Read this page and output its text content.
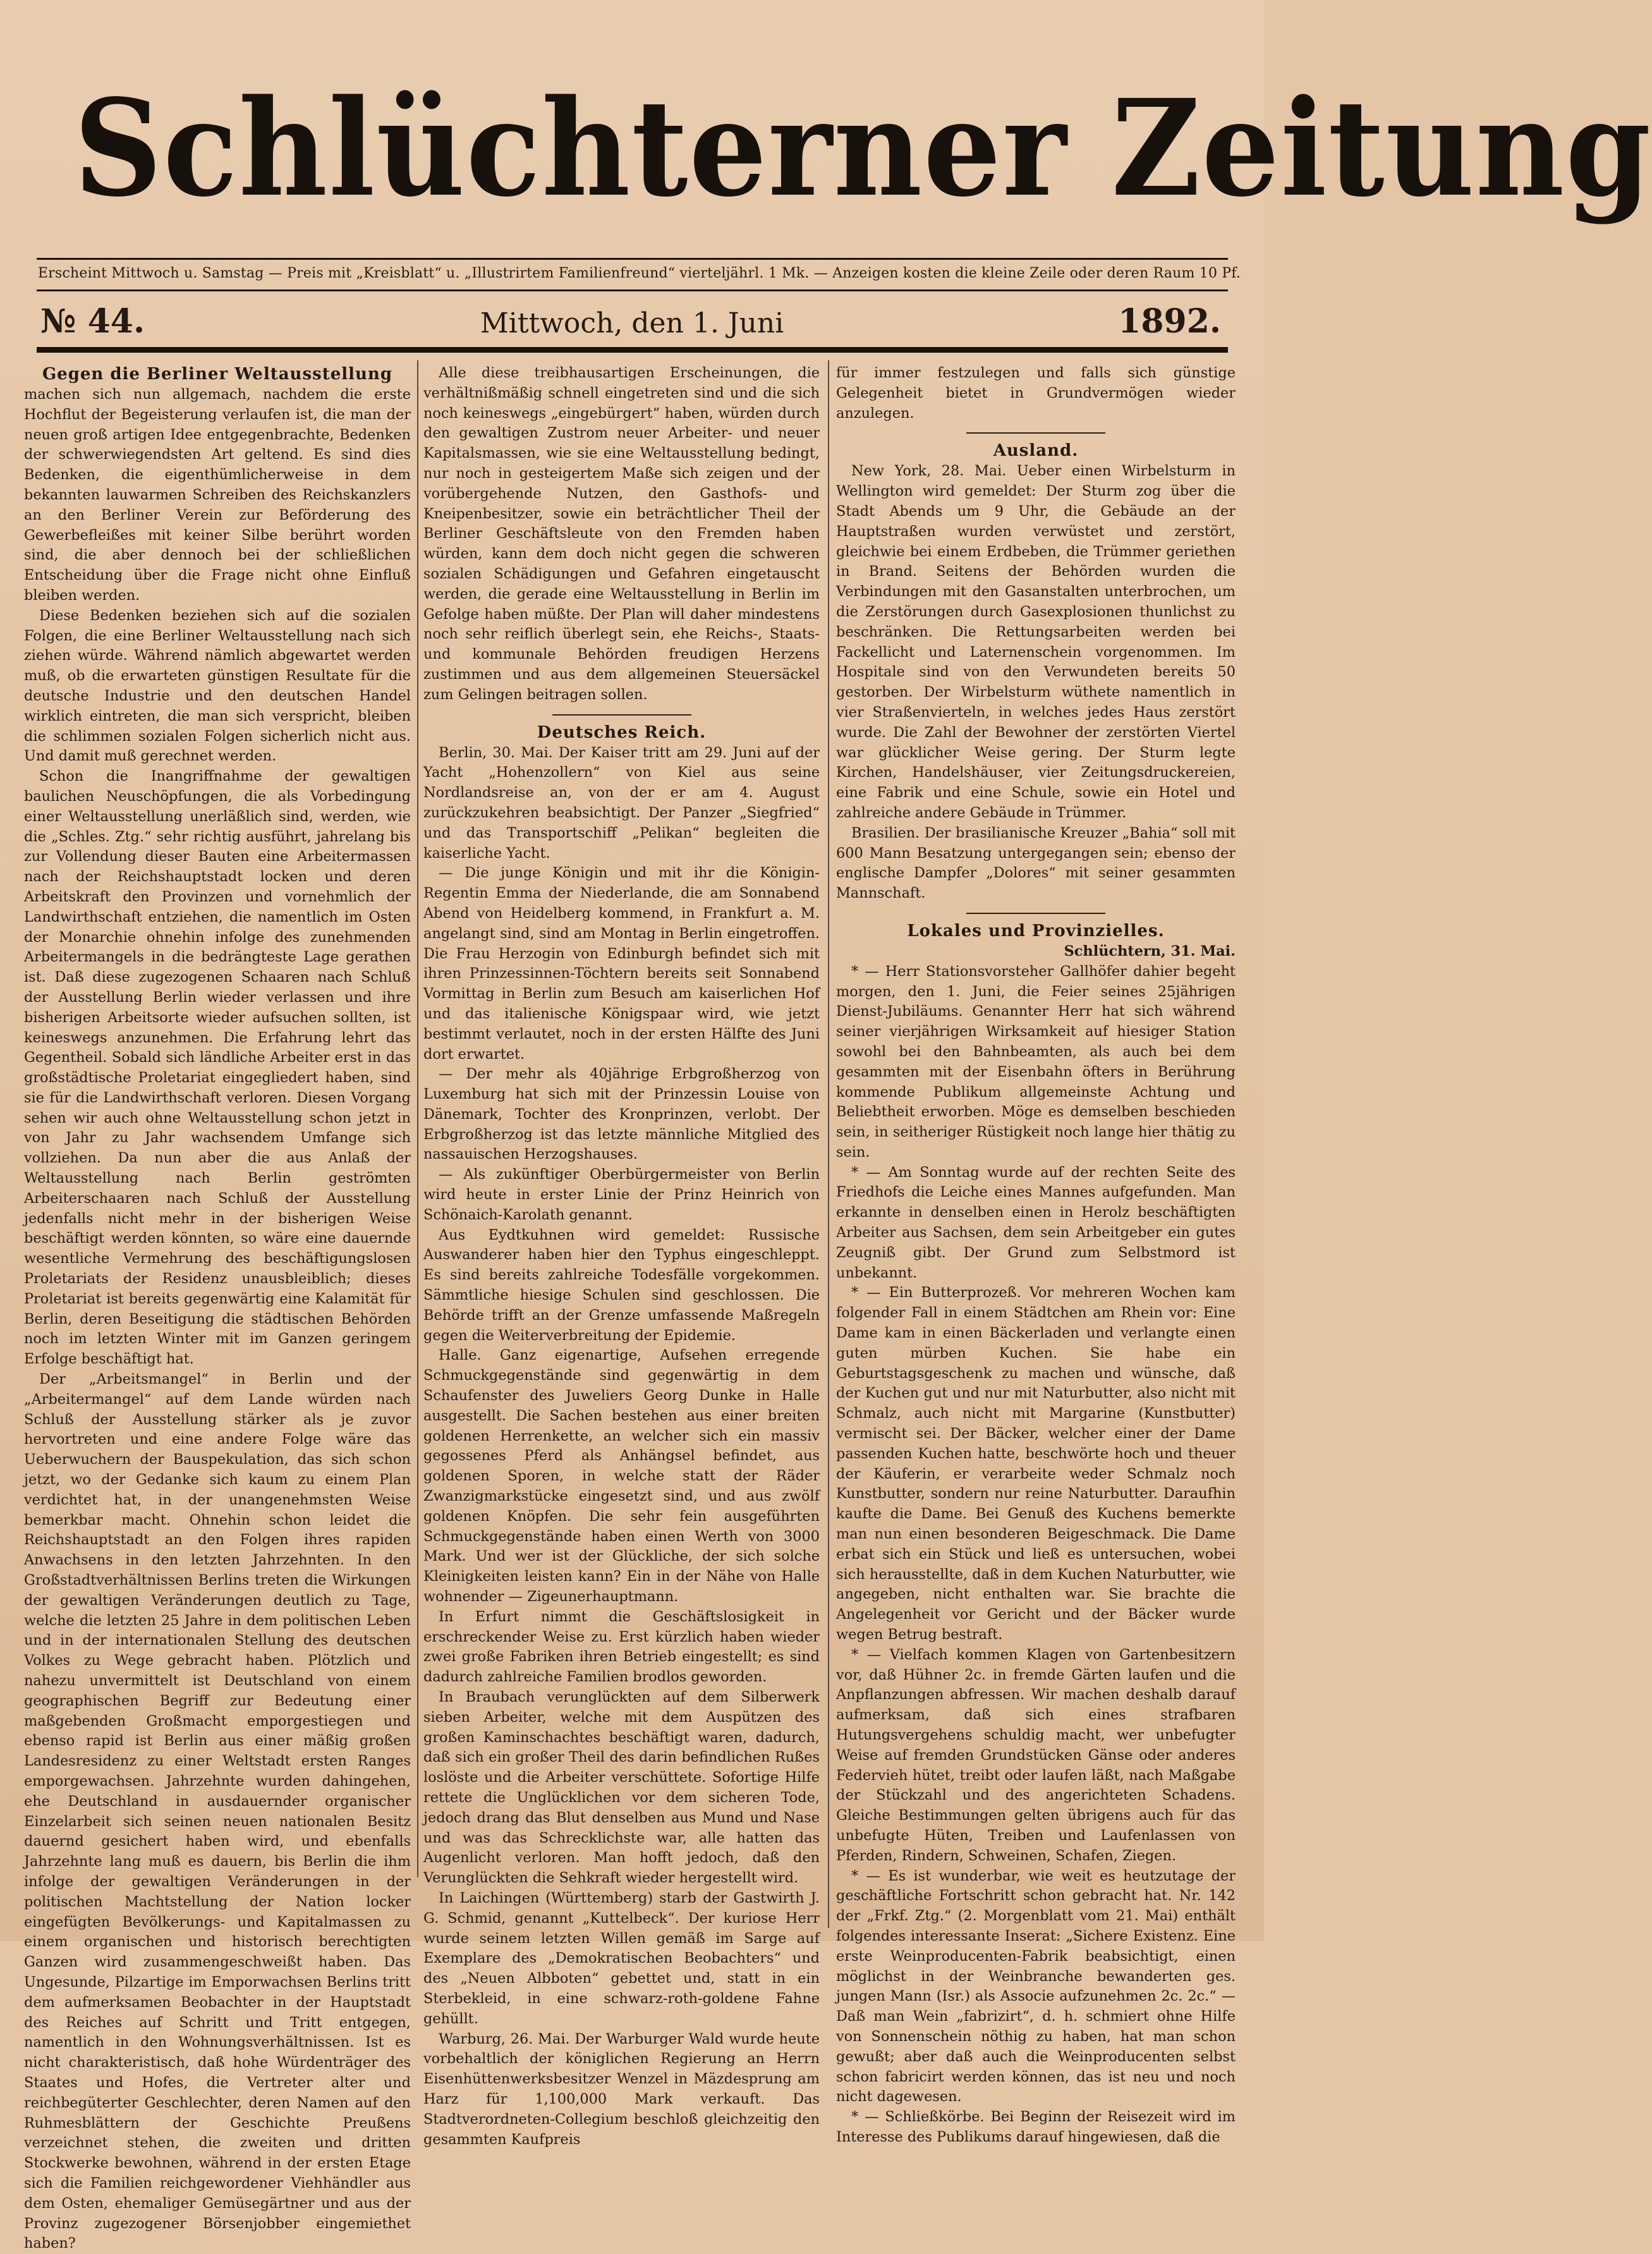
Schlüchterner Zeitung
Erscheint Mittwoch u. Samstag — Preis mit „Kreisblatt“ u. „Illustrirtem Familienfreund“ vierteljährl. 1 Mk. — Anzeigen kosten die kleine Zeile oder deren Raum 10 Pf.
№ 44.	Mittwoch, den 1. Juni	1892.
Gegen die Berliner Weltausstellung

machen sich nun allgemach, nachdem die erste Hochflut der Begeisterung verlaufen ist, die man der neuen groß artigen Idee entgegenbrachte, Bedenken der schwerwiegendsten Art geltend. Es sind dies Bedenken, die eigenthümlicherweise in dem bekannten lauwarmen Schreiben des Reichskanzlers an den Berliner Verein zur Beförderung des Gewerbefleißes mit keiner Silbe berührt worden sind, die aber dennoch bei der schließlichen Entscheidung über die Frage nicht ohne Einfluß bleiben werden.

Diese Bedenken beziehen sich auf die sozialen Folgen, die eine Berliner Weltausstellung nach sich ziehen würde. Während nämlich abgewartet werden muß, ob die erwarteten günstigen Resultate für die deutsche Industrie und den deutschen Handel wirklich eintreten, die man sich verspricht, bleiben die schlimmen sozialen Folgen sicherlich nicht aus. Und damit muß gerechnet werden.

Schon die Inangriffnahme der gewaltigen baulichen Neuschöpfungen, die als Vorbedingung einer Weltausstellung unerläßlich sind, werden, wie die „Schles. Ztg.“ sehr richtig ausführt, jahrelang bis zur Vollendung dieser Bauten eine Arbeitermassen nach der Reichshauptstadt locken und deren Arbeitskraft den Provinzen und vornehmlich der Landwirthschaft entziehen, die namentlich im Osten der Monarchie ohnehin infolge des zunehmenden Arbeitermangels in die bedrängteste Lage gerathen ist. Daß diese zugezogenen Schaaren nach Schluß der Ausstellung Berlin wieder verlassen und ihre bisherigen Arbeitsorte wieder aufsuchen sollten, ist keineswegs anzunehmen. Die Erfahrung lehrt das Gegentheil. Sobald sich ländliche Arbeiter erst in das großstädtische Proletariat eingegliedert haben, sind sie für die Landwirthschaft verloren. Diesen Vorgang sehen wir auch ohne Weltausstellung schon jetzt in von Jahr zu Jahr wachsendem Umfange sich vollziehen. Da nun aber die aus Anlaß der Weltausstellung nach Berlin geströmten Arbeiterschaaren nach Schluß der Ausstellung jedenfalls nicht mehr in der bisherigen Weise beschäftigt werden könnten, so wäre eine dauernde wesentliche Vermehrung des beschäftigungslosen Proletariats der Residenz unausbleiblich; dieses Proletariat ist bereits gegenwärtig eine Kalamität für Berlin, deren Beseitigung die städtischen Behörden noch im letzten Winter mit im Ganzen geringem Erfolge beschäftigt hat.

Der „Arbeitsmangel“ in Berlin und der „Arbeitermangel“ auf dem Lande würden nach Schluß der Ausstellung stärker als je zuvor hervortreten und eine andere Folge wäre das Ueberwuchern der Bauspekulation, das sich schon jetzt, wo der Gedanke sich kaum zu einem Plan verdichtet hat, in der unangenehmsten Weise bemerkbar macht. Ohnehin schon leidet die Reichshauptstadt an den Folgen ihres rapiden Anwachsens in den letzten Jahrzehnten. In den Großstadtverhältnissen Berlins treten die Wirkungen der gewaltigen Veränderungen deutlich zu Tage, welche die letzten 25 Jahre in dem politischen Leben und in der internationalen Stellung des deutschen Volkes zu Wege gebracht haben. Plötzlich und nahezu unvermittelt ist Deutschland von einem geographischen Begriff zur Bedeutung einer maßgebenden Großmacht emporgestiegen und ebenso rapid ist Berlin aus einer mäßig großen Landesresidenz zu einer Weltstadt ersten Ranges emporgewachsen. Jahrzehnte wurden dahingehen, ehe Deutschland in ausdauernder organischer Einzelarbeit sich seinen neuen nationalen Besitz dauernd gesichert haben wird, und ebenfalls Jahrzehnte lang muß es dauern, bis Berlin die ihm infolge der gewaltigen Veränderungen in der politischen Machtstellung der Nation locker eingefügten Bevölkerungs- und Kapitalmassen zu einem organischen und historisch berechtigten Ganzen wird zusammengeschweißt haben. Das Ungesunde, Pilzartige im Emporwachsen Berlins tritt dem aufmerksamen Beobachter in der Hauptstadt des Reiches auf Schritt und Tritt entgegen, namentlich in den Wohnungsverhältnissen. Ist es nicht charakteristisch, daß hohe Würdenträger des Staates und Hofes, die Vertreter alter und reichbegüterter Geschlechter, deren Namen auf den Ruhmesblättern der Geschichte Preußens verzeichnet stehen, die zweiten und dritten Stockwerke bewohnen, während in der ersten Etage sich die Familien reichgewordener Viehhändler aus dem Osten, ehemaliger Gemüsegärtner und aus der Provinz zugezogener Börsenjobber eingemiethet haben?

Alle diese treibhausartigen Erscheinungen, die verhältnißmäßig schnell eingetreten sind und die sich noch keineswegs „eingebürgert“ haben, würden durch den gewaltigen Zustrom neuer Arbeiter- und neuer Kapitalsmassen, wie sie eine Weltausstellung bedingt, nur noch in gesteigertem Maße sich zeigen und der vorübergehende Nutzen, den Gasthofs- und Kneipenbesitzer, sowie ein beträchtlicher Theil der Berliner Geschäftsleute von den Fremden haben würden, kann dem doch nicht gegen die schweren sozialen Schädigungen und Gefahren eingetauscht werden, die gerade eine Weltausstellung in Berlin im Gefolge haben müßte. Der Plan will daher mindestens noch sehr reiflich überlegt sein, ehe Reichs-, Staats- und kommunale Behörden freudigen Herzens zustimmen und aus dem allgemeinen Steuersäckel zum Gelingen beitragen sollen.

Deutsches Reich.

Berlin, 30. Mai. Der Kaiser tritt am 29. Juni auf der Yacht „Hohenzollern“ von Kiel aus seine Nordlandsreise an, von der er am 4. August zurückzukehren beabsichtigt. Der Panzer „Siegfried“ und das Transportschiff „Pelikan“ begleiten die kaiserliche Yacht.

— Die junge Königin und mit ihr die Königin-Regentin Emma der Niederlande, die am Sonnabend Abend von Heidelberg kommend, in Frankfurt a. M. angelangt sind, sind am Montag in Berlin eingetroffen. Die Frau Herzogin von Edinburgh befindet sich mit ihren Prinzessinnen-Töchtern bereits seit Sonnabend Vormittag in Berlin zum Besuch am kaiserlichen Hof und das italienische Königspaar wird, wie jetzt bestimmt verlautet, noch in der ersten Hälfte des Juni dort erwartet.

— Der mehr als 40jährige Erbgroßherzog von Luxemburg hat sich mit der Prinzessin Louise von Dänemark, Tochter des Kronprinzen, verlobt. Der Erbgroßherzog ist das letzte männliche Mitglied des nassauischen Herzogshauses.

— Als zukünftiger Oberbürgermeister von Berlin wird heute in erster Linie der Prinz Heinrich von Schönaich-Karolath genannt.

Aus Eydtkuhnen wird gemeldet: Russische Auswanderer haben hier den Typhus eingeschleppt. Es sind bereits zahlreiche Todesfälle vorgekommen. Sämmtliche hiesige Schulen sind geschlossen. Die Behörde trifft an der Grenze umfassende Maßregeln gegen die Weiterverbreitung der Epidemie.

Halle. Ganz eigenartige, Aufsehen erregende Schmuckgegenstände sind gegenwärtig in dem Schaufenster des Juweliers Georg Dunke in Halle ausgestellt. Die Sachen bestehen aus einer breiten goldenen Herrenkette, an welcher sich ein massiv gegossenes Pferd als Anhängsel befindet, aus goldenen Sporen, in welche statt der Räder Zwanzigmarkstücke eingesetzt sind, und aus zwölf goldenen Knöpfen. Die sehr fein ausgeführten Schmuckgegenstände haben einen Werth von 3000 Mark. Und wer ist der Glückliche, der sich solche Kleinigkeiten leisten kann? Ein in der Nähe von Halle wohnender — Zigeunerhauptmann.

In Erfurt nimmt die Geschäftslosigkeit in erschreckender Weise zu. Erst kürzlich haben wieder zwei große Fabriken ihren Betrieb eingestellt; es sind dadurch zahlreiche Familien brodlos geworden.

In Braubach verunglückten auf dem Silberwerk sieben Arbeiter, welche mit dem Auspützen des großen Kaminschachtes beschäftigt waren, dadurch, daß sich ein großer Theil des darin befindlichen Rußes loslöste und die Arbeiter verschüttete. Sofortige Hilfe rettete die Unglücklichen vor dem sicheren Tode, jedoch drang das Blut denselben aus Mund und Nase und was das Schrecklichste war, alle hatten das Augenlicht verloren. Man hofft jedoch, daß den Verunglückten die Sehkraft wieder hergestellt wird.

In Laichingen (Württemberg) starb der Gastwirth J. G. Schmid, genannt „Kuttelbeck“. Der kuriose Herr wurde seinem letzten Willen gemäß im Sarge auf Exemplare des „Demokratischen Beobachters“ und des „Neuen Albboten“ gebettet und, statt in ein Sterbekleid, in eine schwarz-roth-goldene Fahne gehüllt.

Warburg, 26. Mai. Der Warburger Wald wurde heute vorbehaltlich der königlichen Regierung an Herrn Eisenhüttenwerksbesitzer Wenzel in Mäzdesprung am Harz für 1,100,000 Mark verkauft. Das Stadtverordneten-Collegium beschloß gleichzeitig den gesammten Kaufpreis

für immer festzulegen und falls sich günstige Gelegenheit bietet in Grundvermögen wieder anzulegen.

Ausland.

New York, 28. Mai. Ueber einen Wirbelsturm in Wellington wird gemeldet: Der Sturm zog über die Stadt Abends um 9 Uhr, die Gebäude an der Hauptstraßen wurden verwüstet und zerstört, gleichwie bei einem Erdbeben, die Trümmer geriethen in Brand. Seitens der Behörden wurden die Verbindungen mit den Gasanstalten unterbrochen, um die Zerstörungen durch Gasexplosionen thunlichst zu beschränken. Die Rettungsarbeiten werden bei Fackellicht und Laternenschein vorgenommen. Im Hospitale sind von den Verwundeten bereits 50 gestorben. Der Wirbelsturm wüthete namentlich in vier Straßenvierteln, in welches jedes Haus zerstört wurde. Die Zahl der Bewohner der zerstörten Viertel war glücklicher Weise gering. Der Sturm legte Kirchen, Handelshäuser, vier Zeitungsdruckereien, eine Fabrik und eine Schule, sowie ein Hotel und zahlreiche andere Gebäude in Trümmer.

Brasilien. Der brasilianische Kreuzer „Bahia“ soll mit 600 Mann Besatzung untergegangen sein; ebenso der englische Dampfer „Dolores“ mit seiner gesammten Mannschaft.

Lokales und Provinzielles.

Schlüchtern, 31. Mai.

* — Herr Stationsvorsteher Gallhöfer dahier begeht morgen, den 1. Juni, die Feier seines 25jährigen Dienst-Jubiläums. Genannter Herr hat sich während seiner vierjährigen Wirksamkeit auf hiesiger Station sowohl bei den Bahnbeamten, als auch bei dem gesammten mit der Eisenbahn öfters in Berührung kommende Publikum allgemeinste Achtung und Beliebtheit erworben. Möge es demselben beschieden sein, in seitheriger Rüstigkeit noch lange hier thätig zu sein.

* — Am Sonntag wurde auf der rechten Seite des Friedhofs die Leiche eines Mannes aufgefunden. Man erkannte in denselben einen in Herolz beschäftigten Arbeiter aus Sachsen, dem sein Arbeitgeber ein gutes Zeugniß gibt. Der Grund zum Selbstmord ist unbekannt.

* — Ein Butterprozeß. Vor mehreren Wochen kam folgender Fall in einem Städtchen am Rhein vor: Eine Dame kam in einen Bäckerladen und verlangte einen guten mürben Kuchen. Sie habe ein Geburtstagsgeschenk zu machen und wünsche, daß der Kuchen gut und nur mit Naturbutter, also nicht mit Schmalz, auch nicht mit Margarine (Kunstbutter) vermischt sei. Der Bäcker, welcher einer der Dame passenden Kuchen hatte, beschwörte hoch und theuer der Käuferin, er verarbeite weder Schmalz noch Kunstbutter, sondern nur reine Naturbutter. Daraufhin kaufte die Dame. Bei Genuß des Kuchens bemerkte man nun einen besonderen Beigeschmack. Die Dame erbat sich ein Stück und ließ es untersuchen, wobei sich herausstellte, daß in dem Kuchen Naturbutter, wie angegeben, nicht enthalten war. Sie brachte die Angelegenheit vor Gericht und der Bäcker wurde wegen Betrug bestraft.

* — Vielfach kommen Klagen von Gartenbesitzern vor, daß Hühner 2c. in fremde Gärten laufen und die Anpflanzungen abfressen. Wir machen deshalb darauf aufmerksam, daß sich eines strafbaren Hutungsvergehens schuldig macht, wer unbefugter Weise auf fremden Grundstücken Gänse oder anderes Federvieh hütet, treibt oder laufen läßt, nach Maßgabe der Stückzahl und des angerichteten Schadens. Gleiche Bestimmungen gelten übrigens auch für das unbefugte Hüten, Treiben und Laufenlassen von Pferden, Rindern, Schweinen, Schafen, Ziegen.

* — Es ist wunderbar, wie weit es heutzutage der geschäftliche Fortschritt schon gebracht hat. Nr. 142 der „Frkf. Ztg.“ (2. Morgenblatt vom 21. Mai) enthält folgendes interessante Inserat: „Sichere Existenz. Eine erste Weinproducenten-Fabrik beabsichtigt, einen möglichst in der Weinbranche bewanderten ges. jungen Mann (Isr.) als Associe aufzunehmen 2c. 2c.“ — Daß man Wein „fabrizirt“, d. h. schmiert ohne Hilfe von Sonnenschein nöthig zu haben, hat man schon gewußt; aber daß auch die Weinproducenten selbst schon fabricirt werden können, das ist neu und noch nicht dagewesen.

* — Schließkörbe. Bei Beginn der Reisezeit wird im Interesse des Publikums darauf hingewiesen, daß die
